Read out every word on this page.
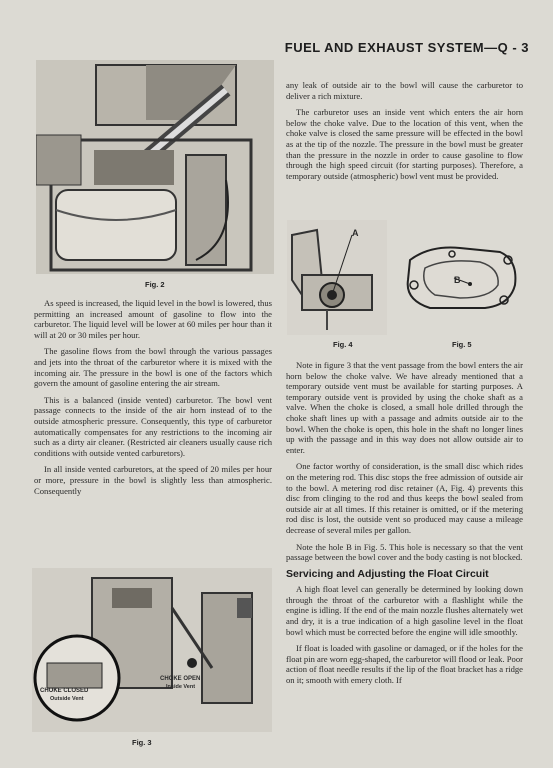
FUEL AND EXHAUST SYSTEM—Q - 3
Fig. 2

As speed is increased, the liquid level in the bowl is lowered, thus permitting an increased amount of gasoline to flow into the carburetor. The liquid level will be lower at 60 miles per hour than it will at 20 or 30 miles per hour.

The gasoline flows from the bowl through the various passages and jets into the throat of the carburetor where it is mixed with the incoming air. The pressure in the bowl is one of the factors which govern the amount of gasoline entering the air stream.

This is a balanced (inside vented) carburetor. The bowl vent passage connects to the inside of the air horn instead of to the outside atmospheric pressure. Consequently, this type of carburetor automatically compensates for any restrictions to the incoming air such as a dirty air cleaner. (Restricted air cleaners usually cause rich conditions with outside vented carburetors).

In all inside vented carburetors, at the speed of 20 miles per hour or more, pressure in the bowl is slightly less than atmospheric. Consequently

CHOKE CLOSED
Outside Vent
CHOKE OPEN
Inside Vent
Fig. 3

any leak of outside air to the bowl will cause the carburetor to deliver a rich mixture.

The carburetor uses an inside vent which enters the air horn below the choke valve. Due to the location of this vent, when the choke valve is closed the same pressure will be effected in the bowl as at the tip of the nozzle. The pressure in the bowl must be greater than the pressure in the nozzle in order to cause gasoline to flow through the high speed circuit (for starting purposes). Therefore, a temporary outside (atmospheric) bowl vent must be provided.

A
Fig. 4
B
Fig. 5

Note in figure 3 that the vent passage from the bowl enters the air horn below the choke valve. We have already mentioned that a temporary outside vent must be available for starting purposes. A temporary outside vent is provided by using the choke shaft as a valve. When the choke is closed, a small hole drilled through the choke shaft lines up with a passage and admits outside air to the bowl. When the choke is open, this hole in the shaft no longer lines up with the passage and in this way does not allow outside air to enter.

One factor worthy of consideration, is the small disc which rides on the metering rod. This disc stops the free admission of outside air to the bowl. A metering rod disc retainer (A, Fig. 4) prevents this disc from clinging to the rod and thus keeps the bowl sealed from outside air at all times. If this retainer is omitted, or if the metering rod disc is lost, the outside vent so produced may cause a mileage decrease of several miles per gallon.

Note the hole B in Fig. 5. This hole is necessary so that the vent passage between the bowl cover and the body casting is not blocked.

Servicing and Adjusting the Float Circuit

A high float level can generally be determined by looking down through the throat of the carburetor with a flashlight while the engine is idling. If the end of the main nozzle flushes alternately wet and dry, it is a true indication of a high gasoline level in the float bowl which must be corrected before the engine will idle smoothly.

If float is loaded with gasoline or damaged, or if the holes for the float pin are worn egg-shaped, the carburetor will flood or leak. Poor action of float needle results if the lip of the float bracket has a ridge on it; smooth with emery cloth. If
